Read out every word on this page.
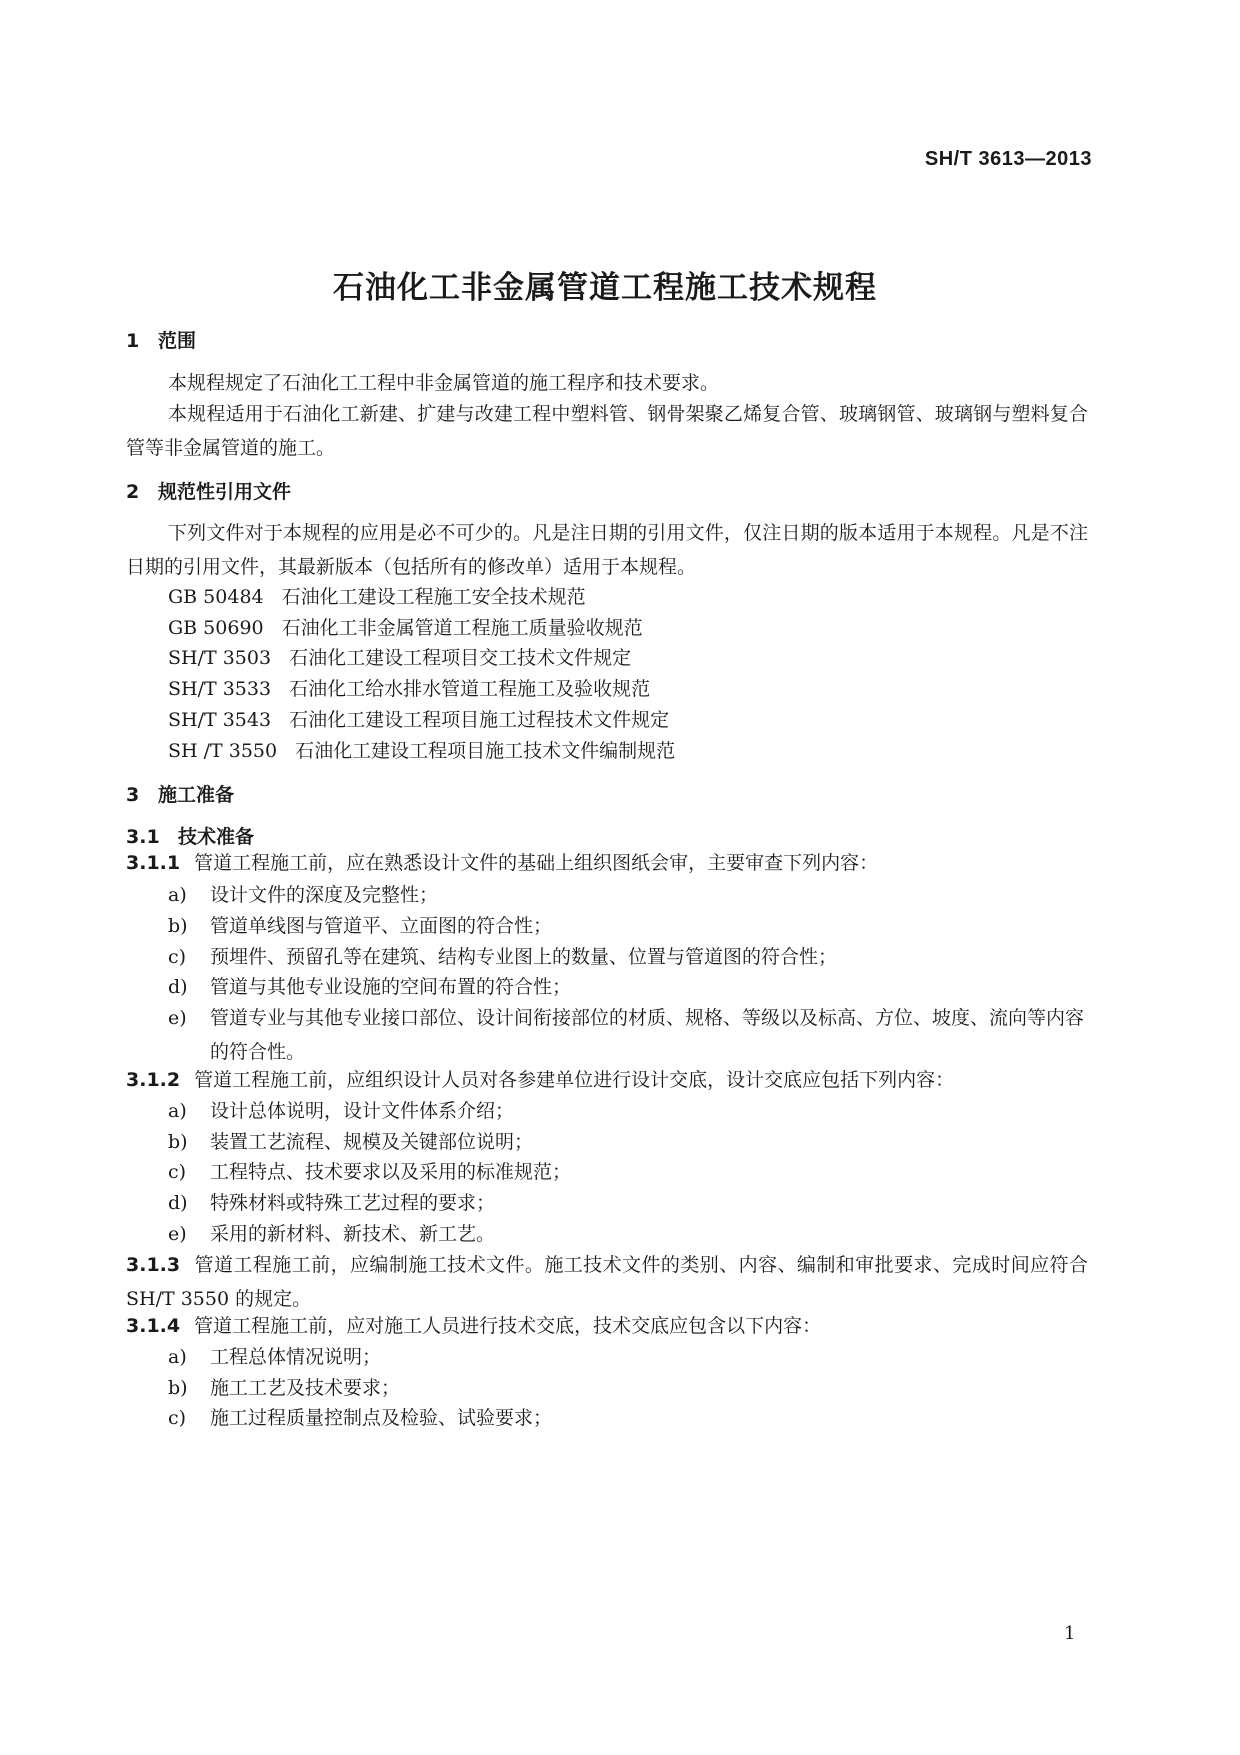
SH/T 3613—2013
石油化工非金属管道工程施工技术规程
1 范围

本规程规定了石油化工工程中非金属管道的施工程序和技术要求。

本规程适用于石油化工新建、扩建与改建工程中塑料管、钢骨架聚乙烯复合管、玻璃钢管、玻璃钢与塑料复合管等非金属管道的施工。

2 规范性引用文件

下列文件对于本规程的应用是必不可少的。凡是注日期的引用文件，仅注日期的版本适用于本规程。凡是不注日期的引用文件，其最新版本（包括所有的修改单）适用于本规程。

GB 50484 石油化工建设工程施工安全技术规范
GB 50690 石油化工非金属管道工程施工质量验收规范
SH/T 3503 石油化工建设工程项目交工技术文件规定
SH/T 3533 石油化工给水排水管道工程施工及验收规范
SH/T 3543 石油化工建设工程项目施工过程技术文件规定
SH /T 3550 石油化工建设工程项目施工技术文件编制规范
3 施工准备
3.1 技术准备

3.1.1 管道工程施工前，应在熟悉设计文件的基础上组织图纸会审，主要审查下列内容：

a) 设计文件的深度及完整性；
b) 管道单线图与管道平、立面图的符合性；
c) 预埋件、预留孔等在建筑、结构专业图上的数量、位置与管道图的符合性；
d) 管道与其他专业设施的空间布置的符合性；
e) 管道专业与其他专业接口部位、设计间衔接部位的材质、规格、等级以及标高、方位、坡度、流向等内容的符合性。

3.1.2 管道工程施工前，应组织设计人员对各参建单位进行设计交底，设计交底应包括下列内容：

a) 设计总体说明，设计文件体系介绍；
b) 装置工艺流程、规模及关键部位说明；
c) 工程特点、技术要求以及采用的标准规范；
d) 特殊材料或特殊工艺过程的要求；
e) 采用的新材料、新技术、新工艺。

3.1.3 管道工程施工前，应编制施工技术文件。施工技术文件的类别、内容、编制和审批要求、完成时间应符合 SH/T 3550 的规定。

3.1.4 管道工程施工前，应对施工人员进行技术交底，技术交底应包含以下内容：

a) 工程总体情况说明；
b) 施工工艺及技术要求；
c) 施工过程质量控制点及检验、试验要求；
1
